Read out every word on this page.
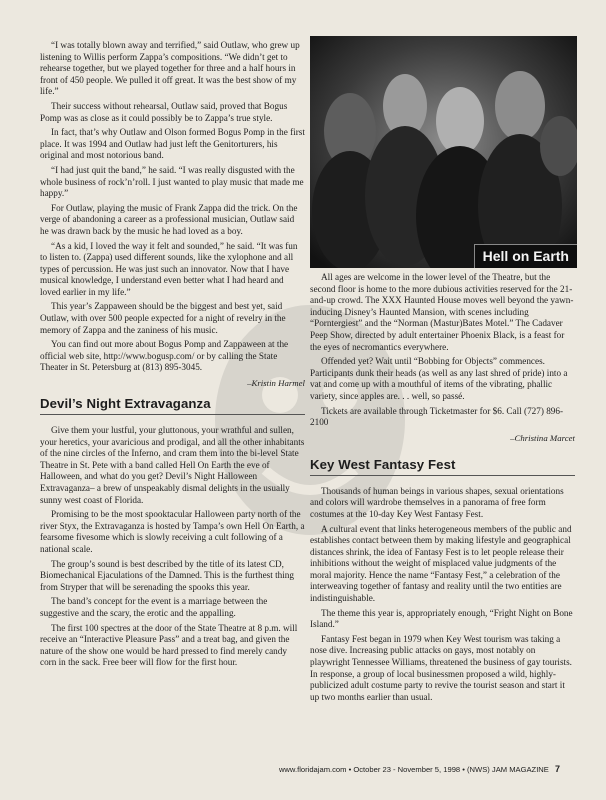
“I was totally blown away and terrified,” said Outlaw, who grew up listening to Willis perform Zappa’s compositions. “We didn’t get to rehearse together, but we played together for three and a half hours in front of 450 people. We pulled it off great. It was the best show of my life.”

Their success without rehearsal, Outlaw said, proved that Bogus Pomp was as close as it could possibly be to Zappa’s true style.

In fact, that’s why Outlaw and Olson formed Bogus Pomp in the first place. It was 1994 and Outlaw had just left the Genitorturers, his original and most notorious band.

“I had just quit the band,” he said. “I was really disgusted with the whole business of rock’n’roll. I just wanted to play music that made me happy.”

For Outlaw, playing the music of Frank Zappa did the trick. On the verge of abandoning a career as a professional musician, Outlaw said he was drawn back by the music he had loved as a boy.

“As a kid, I loved the way it felt and sounded,” he said. “It was fun to listen to. (Zappa) used different sounds, like the xylophone and all types of percussion. He was just such an innovator. Now that I have musical knowledge, I understand even better what I had heard and loved earlier in my life.”

This year’s Zappaween should be the biggest and best yet, said Outlaw, with over 500 people expected for a night of revelry in the memory of Zappa and the zaniness of his music.

You can find out more about Bogus Pomp and Zappaween at the official web site, http://www.bogusp.com/ or by calling the State Theater in St. Petersburg at (813) 895-3045.

–Kristin Harmel

Devil’s Night Extravaganza

Give them your lustful, your gluttonous, your wrathful and sullen, your heretics, your avaricious and prodigal, and all the other inhabitants of the nine circles of the Inferno, and cram them into the bi-level State Theatre in St. Pete with a band called Hell On Earth the eve of Halloween, and what do you get? Devil’s Night Halloween Extravaganza– a brew of unspeakably dismal delights in the usually sunny west coast of Florida.

Promising to be the most spooktacular Halloween party north of the river Styx, the Extravaganza is hosted by Tampa’s own Hell On Earth, a fearsome fivesome which is slowly receiving a cult following of a national scale.

The group’s sound is best described by the title of its latest CD, Biomechanical Ejaculations of the Damned. This is the furthest thing from Stryper that will be serenading the spooks this year.

The band’s concept for the event is a marriage between the suggestive and the scary, the erotic and the appalling.

The first 100 spectres at the door of the State Theatre at 8 p.m. will receive an “Interactive Pleasure Pass” and a treat bag, and given the nature of the show one would be hard pressed to find merely candy corn in the sack. Free beer will flow for the first hour.

Hell on Earth

All ages are welcome in the lower level of the Theatre, but the second floor is home to the more dubious activities reserved for the 21-and-up crowd. The XXX Haunted House moves well beyond the yawn-inducing Disney’s Haunted Mansion, with scenes including “Porntergiest” and the “Norman (Mastur)Bates Motel.” The Cadaver Peep Show, directed by adult entertainer Phoenix Black, is a feast for the eyes of necromantics everywhere.

Offended yet? Wait until “Bobbing for Objects” commences. Participants dunk their heads (as well as any last shred of pride) into a vat and come up with a mouthful of items of the vibrating, phallic variety, since apples are. . . well, so passé.

Tickets are available through Ticketmaster for $6. Call (727) 896-2100

–Christina Marcet

Key West Fantasy Fest

Thousands of human beings in various shapes, sexual orientations and colors will wardrobe themselves in a panorama of free form costumes at the 10-day Key West Fantasy Fest.

A cultural event that links heterogeneous members of the public and establishes contact between them by making lifestyle and geographical distances shrink, the idea of Fantasy Fest is to let people release their inhibitions without the weight of misplaced value judgments of the moral majority. Hence the name “Fantasy Fest,” a celebration of the interweaving together of fantasy and reality until the two entities are indistinguishable.

The theme this year is, appropriately enough, “Fright Night on Bone Island.”

Fantasy Fest began in 1979 when Key West tourism was taking a nose dive. Increasing public attacks on gays, most notably on playwright Tennessee Williams, threatened the business of gay tourists. In response, a group of local businessmen proposed a wild, highly-publicized adult costume party to revive the tourist season and start it up two months earlier than usual.

www.floridajam.com • October 23 - November 5, 1998 • (NWS) JAM MAGAZINE 7
